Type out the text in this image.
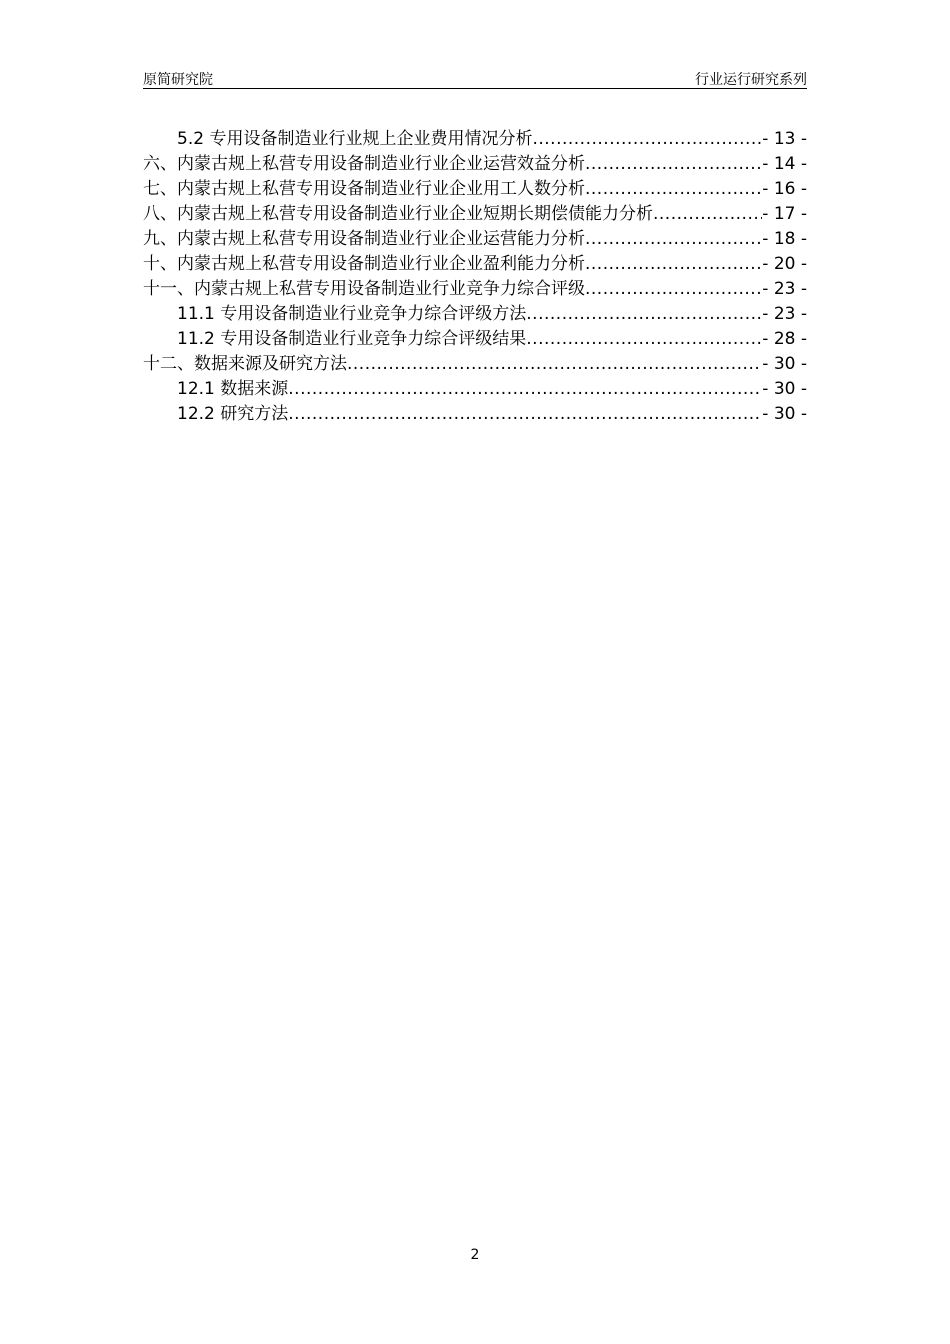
原简研究院	行业运行研究系列
5.2 专用设备制造业行业规上企业费用情况分析 .....	- 13 -
六、内蒙古规上私营专用设备制造业行业企业运营效益分析 .....	- 14 -
七、内蒙古规上私营专用设备制造业行业企业用工人数分析 .....	- 16 -
八、内蒙古规上私营专用设备制造业行业企业短期长期偿债能力分析 .....	- 17 -
九、内蒙古规上私营专用设备制造业行业企业运营能力分析 .....	- 18 -
十、内蒙古规上私营专用设备制造业行业企业盈利能力分析 .....	- 20 -
十一、内蒙古规上私营专用设备制造业行业竞争力综合评级 .....	- 23 -
11.1 专用设备制造业行业竞争力综合评级方法 .....	- 23 -
11.2 专用设备制造业行业竞争力综合评级结果 .....	- 28 -
十二、数据来源及研究方法 .....	- 30 -
12.1 数据来源 .....	- 30 -
12.2 研究方法 .....	- 30 -
2
